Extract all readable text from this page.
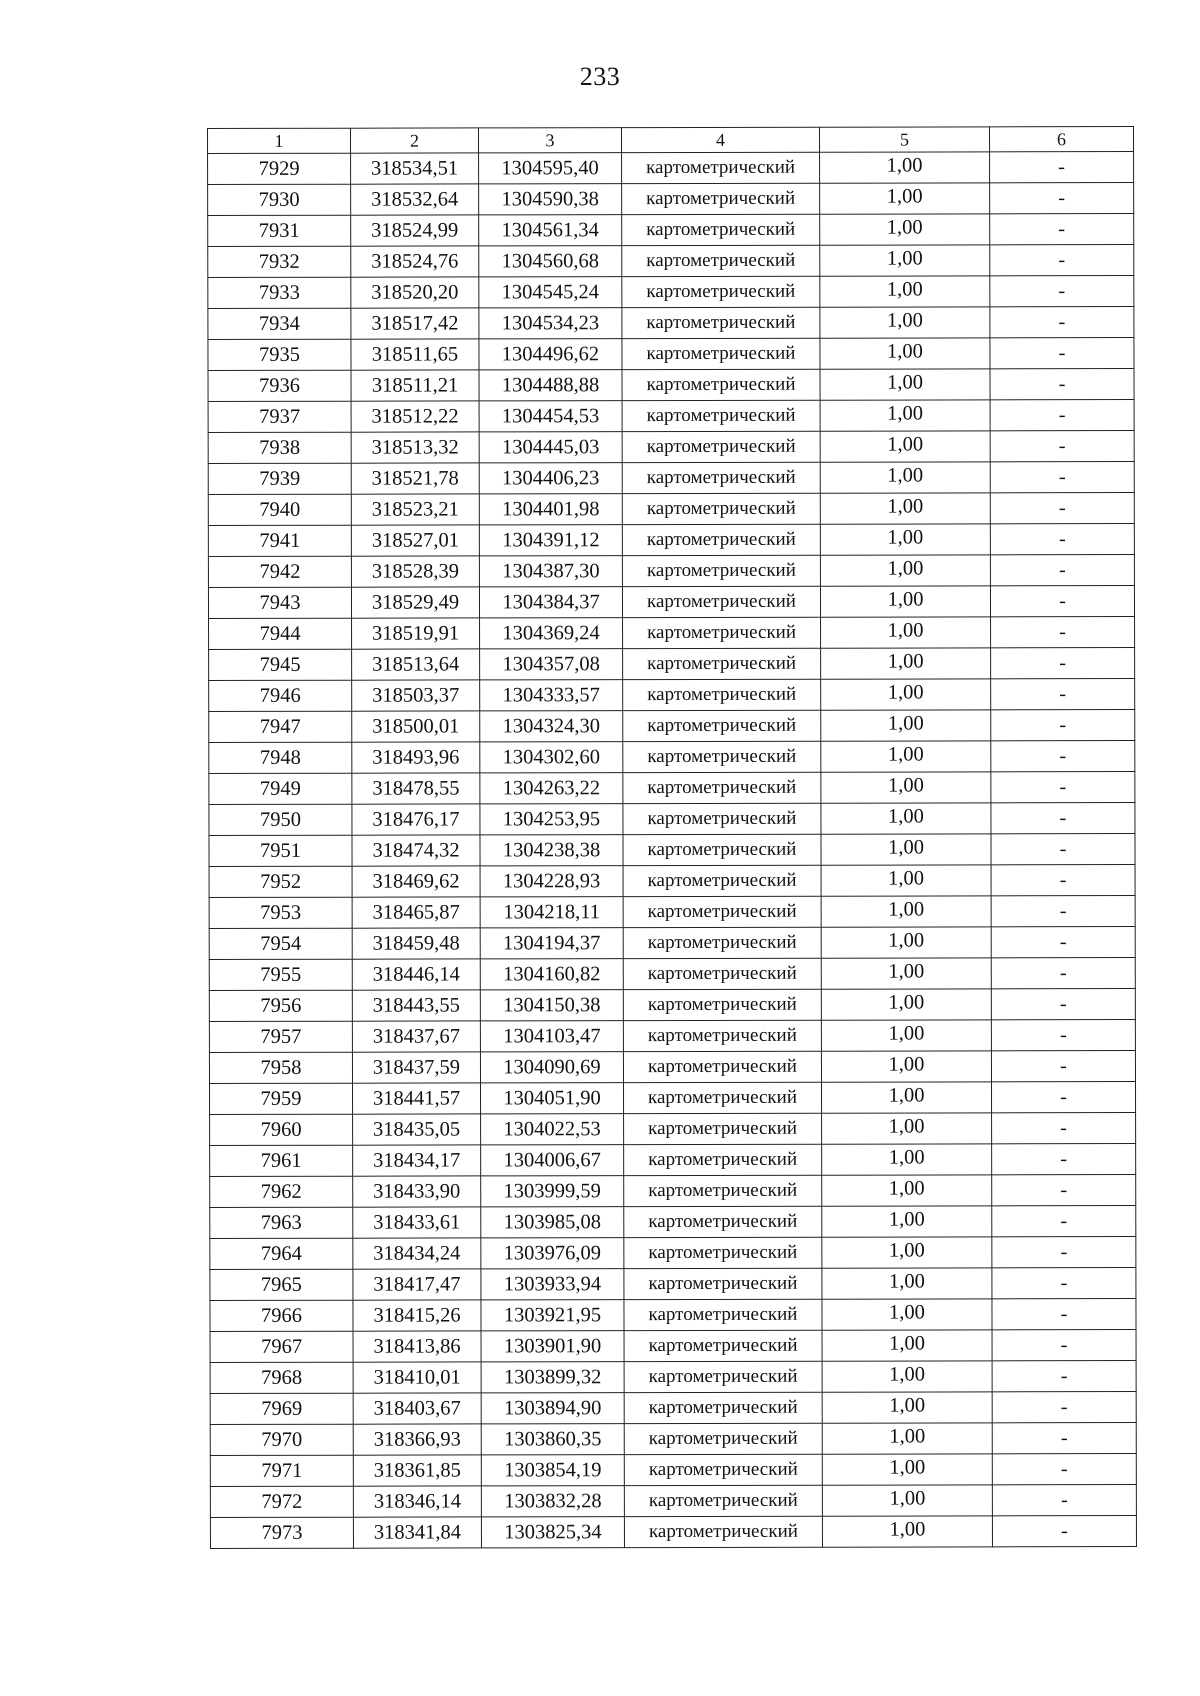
233
1	2	3	4	5	6
7929	318534,51	1304595,40	картометрический	1,00	-
7930	318532,64	1304590,38	картометрический	1,00	-
7931	318524,99	1304561,34	картометрический	1,00	-
7932	318524,76	1304560,68	картометрический	1,00	-
7933	318520,20	1304545,24	картометрический	1,00	-
7934	318517,42	1304534,23	картометрический	1,00	-
7935	318511,65	1304496,62	картометрический	1,00	-
7936	318511,21	1304488,88	картометрический	1,00	-
7937	318512,22	1304454,53	картометрический	1,00	-
7938	318513,32	1304445,03	картометрический	1,00	-
7939	318521,78	1304406,23	картометрический	1,00	-
7940	318523,21	1304401,98	картометрический	1,00	-
7941	318527,01	1304391,12	картометрический	1,00	-
7942	318528,39	1304387,30	картометрический	1,00	-
7943	318529,49	1304384,37	картометрический	1,00	-
7944	318519,91	1304369,24	картометрический	1,00	-
7945	318513,64	1304357,08	картометрический	1,00	-
7946	318503,37	1304333,57	картометрический	1,00	-
7947	318500,01	1304324,30	картометрический	1,00	-
7948	318493,96	1304302,60	картометрический	1,00	-
7949	318478,55	1304263,22	картометрический	1,00	-
7950	318476,17	1304253,95	картометрический	1,00	-
7951	318474,32	1304238,38	картометрический	1,00	-
7952	318469,62	1304228,93	картометрический	1,00	-
7953	318465,87	1304218,11	картометрический	1,00	-
7954	318459,48	1304194,37	картометрический	1,00	-
7955	318446,14	1304160,82	картометрический	1,00	-
7956	318443,55	1304150,38	картометрический	1,00	-
7957	318437,67	1304103,47	картометрический	1,00	-
7958	318437,59	1304090,69	картометрический	1,00	-
7959	318441,57	1304051,90	картометрический	1,00	-
7960	318435,05	1304022,53	картометрический	1,00	-
7961	318434,17	1304006,67	картометрический	1,00	-
7962	318433,90	1303999,59	картометрический	1,00	-
7963	318433,61	1303985,08	картометрический	1,00	-
7964	318434,24	1303976,09	картометрический	1,00	-
7965	318417,47	1303933,94	картометрический	1,00	-
7966	318415,26	1303921,95	картометрический	1,00	-
7967	318413,86	1303901,90	картометрический	1,00	-
7968	318410,01	1303899,32	картометрический	1,00	-
7969	318403,67	1303894,90	картометрический	1,00	-
7970	318366,93	1303860,35	картометрический	1,00	-
7971	318361,85	1303854,19	картометрический	1,00	-
7972	318346,14	1303832,28	картометрический	1,00	-
7973	318341,84	1303825,34	картометрический	1,00	-
